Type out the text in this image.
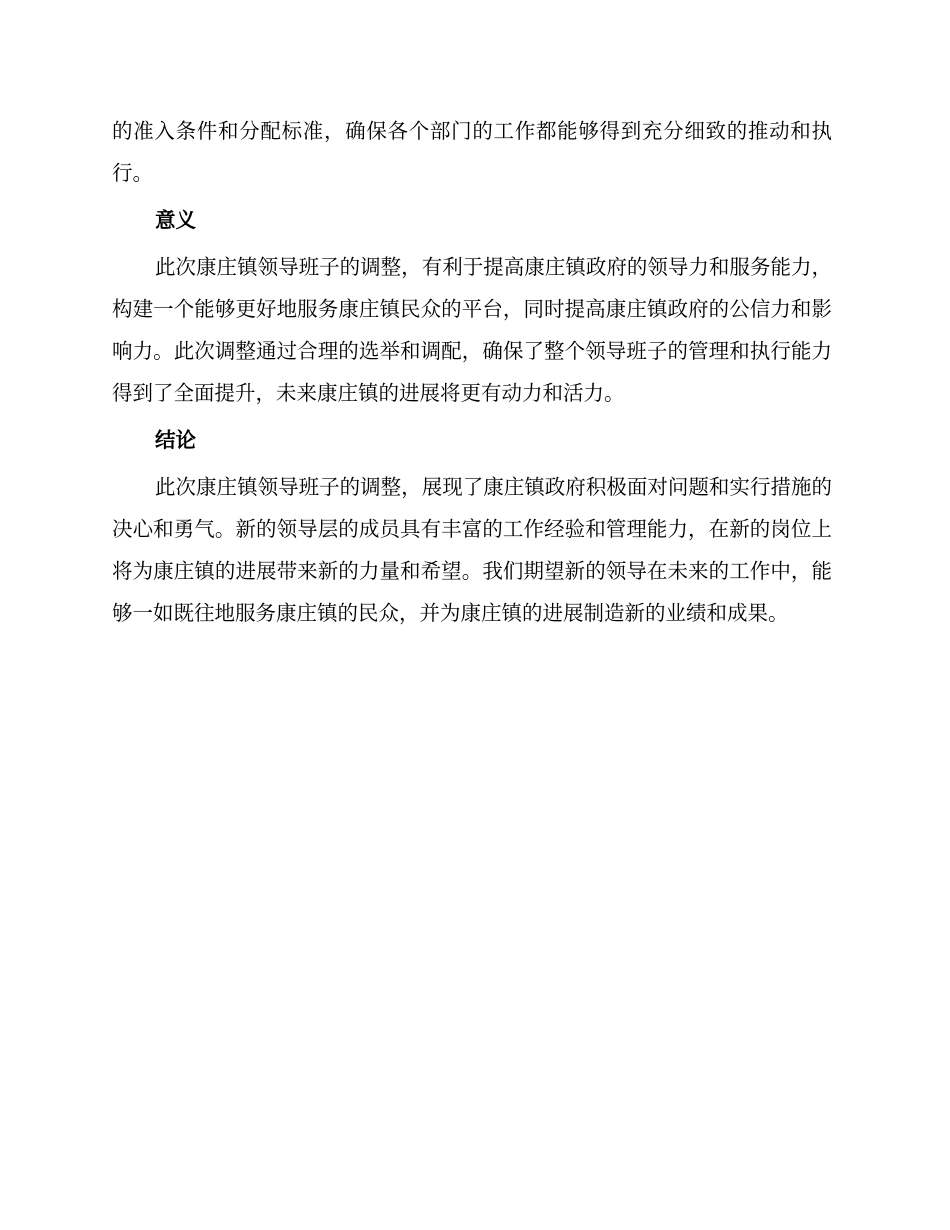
的准入条件和分配标准，确保各个部门的工作都能够得到充分细致的推动和执行。

意义

此次康庄镇领导班子的调整，有利于提高康庄镇政府的领导力和服务能力，构建一个能够更好地服务康庄镇民众的平台，同时提高康庄镇政府的公信力和影响力。此次调整通过合理的选举和调配，确保了整个领导班子的管理和执行能力得到了全面提升，未来康庄镇的进展将更有动力和活力。

结论

此次康庄镇领导班子的调整，展现了康庄镇政府积极面对问题和实行措施的决心和勇气。新的领导层的成员具有丰富的工作经验和管理能力，在新的岗位上将为康庄镇的进展带来新的力量和希望。我们期望新的领导在未来的工作中，能够一如既往地服务康庄镇的民众，并为康庄镇的进展制造新的业绩和成果。
